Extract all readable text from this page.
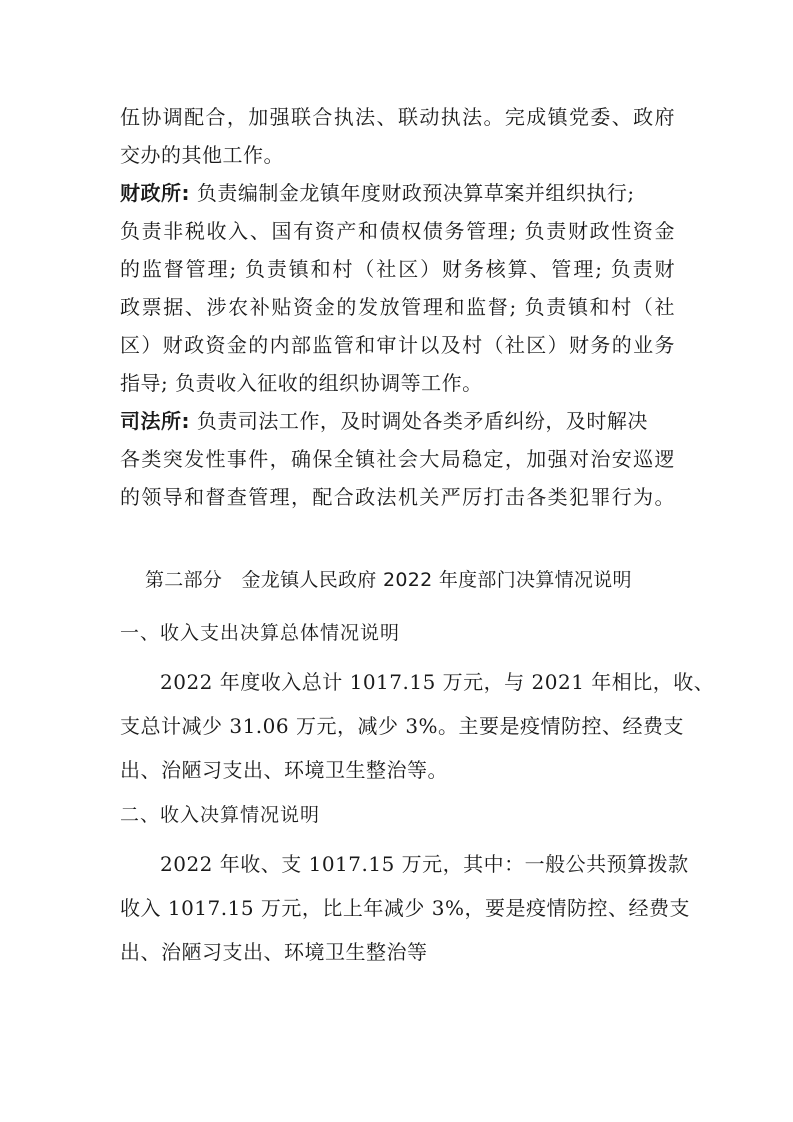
伍协调配合，加强联合执法、联动执法。完成镇党委、政府
交办的其他工作。
财政所: 负责编制金龙镇年度财政预决算草案并组织执行;
负责非税收入、国有资产和债权债务管理; 负责财政性资金
的监督管理; 负责镇和村（社区）财务核算、管理; 负责财
政票据、涉农补贴资金的发放管理和监督; 负责镇和村（社
区）财政资金的内部监管和审计以及村（社区）财务的业务
指导; 负责收入征收的组织协调等工作。
司法所: 负责司法工作，及时调处各类矛盾纠纷，及时解决
各类突发性事件，确保全镇社会大局稳定，加强对治安巡逻
的领导和督查管理，配合政法机关严厉打击各类犯罪行为。
第二部分　金龙镇人民政府 2022 年度部门决算情况说明
一、收入支出决算总体情况说明
2022 年度收入总计 1017.15 万元，与 2021 年相比，收、
支总计减少 31.06 万元，减少 3%。主要是疫情防控、经费支
出、治陋习支出、环境卫生整治等。
二、收入决算情况说明
2022 年收、支 1017.15 万元，其中：一般公共预算拨款
收入 1017.15 万元，比上年减少 3%，要是疫情防控、经费支
出、治陋习支出、环境卫生整治等
